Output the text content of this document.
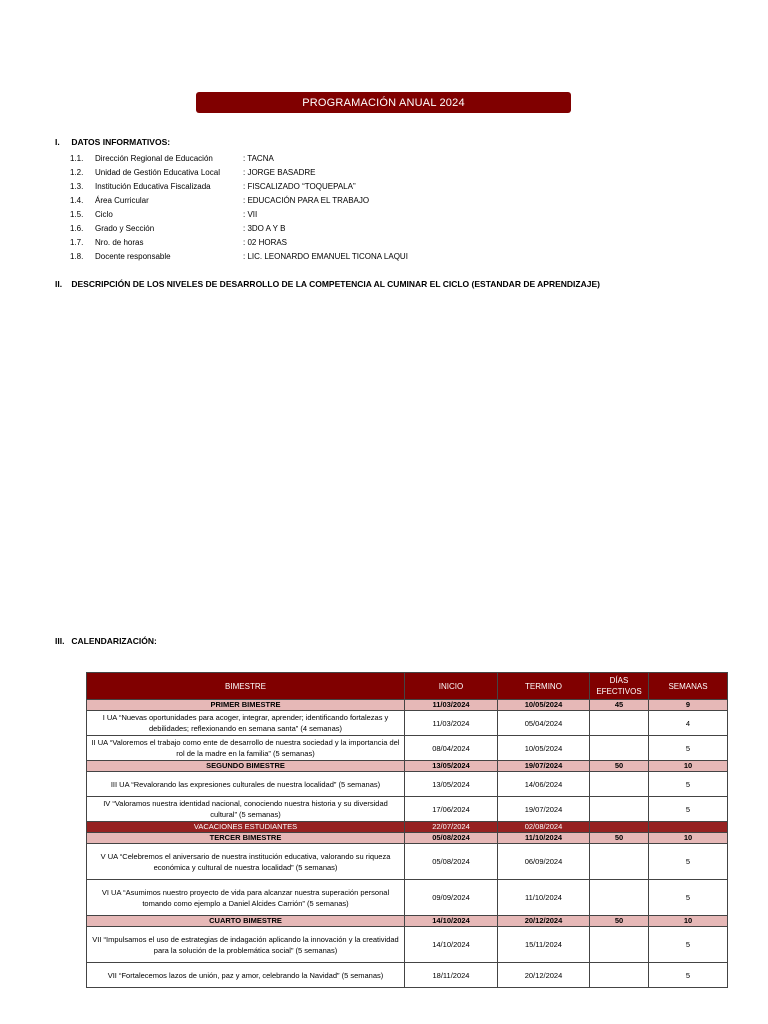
PROGRAMACIÓN ANUAL 2024
I. DATOS INFORMATIVOS:
1.1.	Dirección Regional de Educación	: TACNA
1.2.	Unidad de Gestión Educativa Local	: JORGE BASADRE
1.3.	Institución Educativa Fiscalizada	: FISCALIZADO “TOQUEPALA”
1.4.	Área Curricular	: EDUCACIÓN PARA EL TRABAJO
1.5.	Ciclo	: VII
1.6.	Grado y Sección	: 3DO A Y B
1.7.	Nro. de horas	: 02 HORAS
1.8.	Docente responsable	: LIC. LEONARDO EMANUEL TICONA LAQUI
II. DESCRIPCIÓN DE LOS NIVELES DE DESARROLLO DE LA COMPETENCIA AL CUMINAR EL CICLO (ESTANDAR DE APRENDIZAJE)
III. CALENDARIZACIÓN:
BIMESTRE	INICIO	TERMINO	DÍAS EFECTIVOS	SEMANAS
PRIMER BIMESTRE	11/03/2024	10/05/2024	45	9
I UA “Nuevas oportunidades para acoger, integrar, aprender; identificando fortalezas y debilidades; reflexionando en semana santa” (4 semanas)	11/03/2024	05/04/2024		4
II UA “Valoremos el trabajo como ente de desarrollo de nuestra sociedad y la importancia del rol de la madre en la familia” (5 semanas)	08/04/2024	10/05/2024		5
SEGUNDO BIMESTRE	13/05/2024	19/07/2024	50	10
III UA “Revalorando las expresiones culturales de nuestra localidad” (5 semanas)	13/05/2024	14/06/2024		5
IV “Valoramos nuestra identidad nacional, conociendo nuestra historia y su diversidad cultural” (5 semanas)	17/06/2024	19/07/2024		5
VACACIONES ESTUDIANTES	22/07/2024	02/08/2024		
TERCER BIMESTRE	05/08/2024	11/10/2024	50	10
V UA “Celebremos el aniversario de nuestra institución educativa, valorando su riqueza económica y cultural de nuestra localidad” (5 semanas)	05/08/2024	06/09/2024		5
VI UA “Asumimos nuestro proyecto de vida para alcanzar nuestra superación personal tomando como ejemplo a Daniel Alcides Carrión” (5 semanas)	09/09/2024	11/10/2024		5
CUARTO BIMESTRE	14/10/2024	20/12/2024	50	10
VII “Impulsamos el uso de estrategias de indagación aplicando la innovación y la creatividad para la solución de la problemática social” (5 semanas)	14/10/2024	15/11/2024		5
VII “Fortalecemos lazos de unión, paz y amor, celebrando la Navidad” (5 semanas)	18/11/2024	20/12/2024		5
